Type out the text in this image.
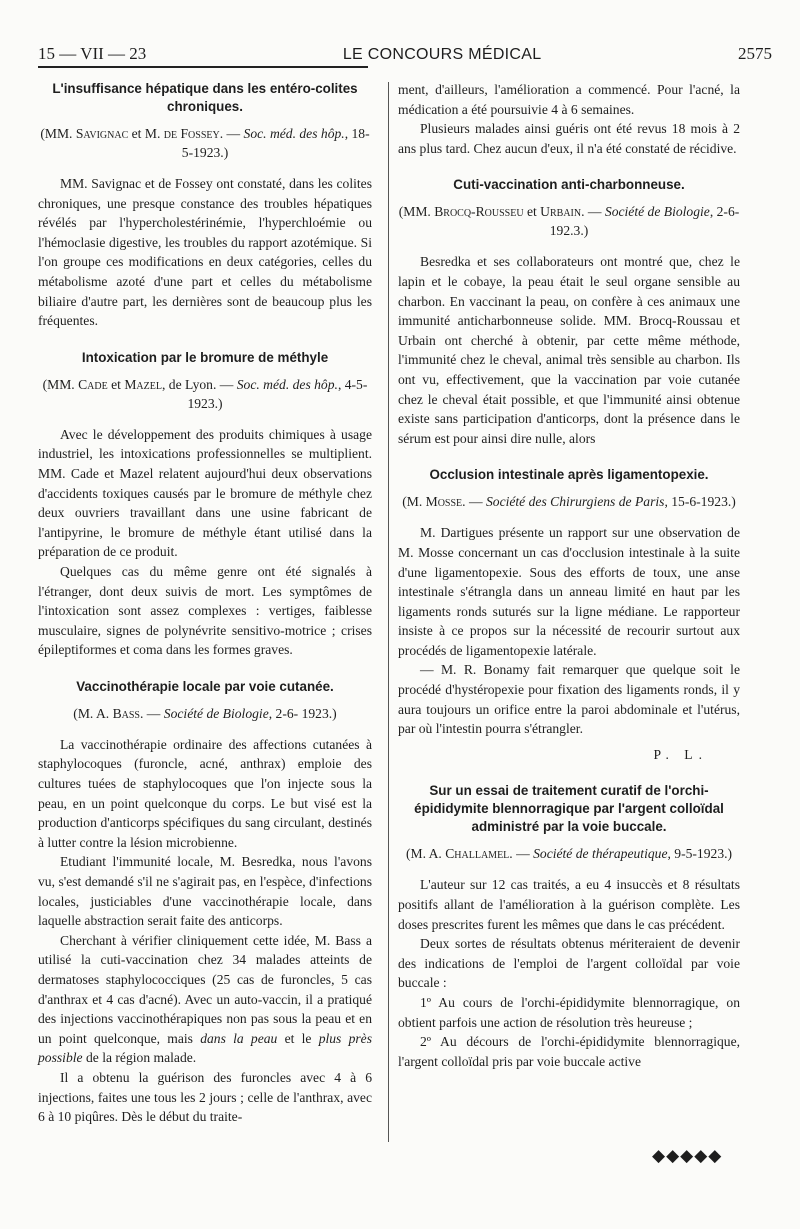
15 — VII — 23	LE CONCOURS MÉDICAL	2575
L'insuffisance hépatique dans les entéro-colites chroniques.
(MM. Savignac et M. de Fossey. — Soc. méd. des hôp., 18-5-1923.)

MM. Savignac et de Fossey ont constaté, dans les colites chroniques, une presque constance des troubles hépatiques révélés par l'hypercholestérinémie, l'hyperchloémie ou l'hémoclasie digestive, les troubles du rapport azotémique. Si l'on groupe ces modifications en deux catégories, celles du métabolisme azoté d'une part et celles du métabolisme biliaire d'autre part, les dernières sont de beaucoup plus les fréquentes.

Intoxication par le bromure de méthyle
(MM. Cade et Mazel, de Lyon. — Soc. méd. des hôp., 4-5-1923.)

Avec le développement des produits chimiques à usage industriel, les intoxications professionnelles se multiplient. MM. Cade et Mazel relatent aujourd'hui deux observations d'accidents toxiques causés par le bromure de méthyle chez deux ouvriers travaillant dans une usine fabricant de l'antipyrine, le bromure de méthyle étant utilisé dans la préparation de ce produit.

Quelques cas du même genre ont été signalés à l'étranger, dont deux suivis de mort. Les symptômes de l'intoxication sont assez complexes : vertiges, faiblesse musculaire, signes de polynévrite sensitivo-motrice ; crises épileptiformes et coma dans les formes graves.

Vaccinothérapie locale par voie cutanée.
(M. A. Bass. — Société de Biologie, 2-6- 1923.)

La vaccinothérapie ordinaire des affections cutanées à staphylocoques (furoncle, acné, anthrax) emploie des cultures tuées de staphylocoques que l'on injecte sous la peau, en un point quelconque du corps. Le but visé est la production d'anticorps spécifiques du sang circulant, destinés à lutter contre la lésion microbienne.

Etudiant l'immunité locale, M. Besredka, nous l'avons vu, s'est demandé s'il ne s'agirait pas, en l'espèce, d'infections locales, justiciables d'une vaccinothérapie locale, dans laquelle abstraction serait faite des anticorps.

Cherchant à vérifier cliniquement cette idée, M. Bass a utilisé la cuti-vaccination chez 34 malades atteints de dermatoses staphylococciques (25 cas de furoncles, 5 cas d'anthrax et 4 cas d'acné). Avec un auto-vaccin, il a pratiqué des injections vaccinothérapiques non pas sous la peau et en un point quelconque, mais dans la peau et le plus près possible de la région malade.

Il a obtenu la guérison des furoncles avec 4 à 6 injections, faites une tous les 2 jours ; celle de l'anthrax, avec 6 à 10 piqûres. Dès le début du traite-

ment, d'ailleurs, l'amélioration a commencé. Pour l'acné, la médication a été poursuivie 4 à 6 semaines.

Plusieurs malades ainsi guéris ont été revus 18 mois à 2 ans plus tard. Chez aucun d'eux, il n'a été constaté de récidive.

Cuti-vaccination anti-charbonneuse.
(MM. Brocq-Rousseu et Urbain. — Société de Biologie, 2-6-192.3.)

Besredka et ses collaborateurs ont montré que, chez le lapin et le cobaye, la peau était le seul organe sensible au charbon. En vaccinant la peau, on confère à ces animaux une immunité anticharbonneuse solide. MM. Brocq-Roussau et Urbain ont cherché à obtenir, par cette même méthode, l'immunité chez le cheval, animal très sensible au charbon. Ils ont vu, effectivement, que la vaccination par voie cutanée chez le cheval était possible, et que l'immunité ainsi obtenue existe sans participation d'anticorps, dont la présence dans le sérum est pour ainsi dire nulle, alors

Occlusion intestinale après ligamentopexie.
(M. Mosse. — Société des Chirurgiens de Paris, 15-6-1923.)

M. Dartigues présente un rapport sur une observation de M. Mosse concernant un cas d'occlusion intestinale à la suite d'une ligamentopexie. Sous des efforts de toux, une anse intestinale s'étrangla dans un anneau limité en haut par les ligaments ronds suturés sur la ligne médiane. Le rapporteur insiste à ce propos sur la nécessité de recourir surtout aux procédés de ligamentopexie latérale.

— M. R. Bonamy fait remarquer que quelque soit le procédé d'hystéropexie pour fixation des ligaments ronds, il y aura toujours un orifice entre la paroi abdominale et l'utérus, par où l'intestin pourra s'étrangler.

P. L.
Sur un essai de traitement curatif de l'orchi-épididymite blennorragique par l'argent colloïdal administré par la voie buccale.
(M. A. Challamel. — Société de thérapeutique, 9-5-1923.)

L'auteur sur 12 cas traités, a eu 4 insuccès et 8 résultats positifs allant de l'amélioration à la guérison complète. Les doses prescrites furent les mêmes que dans le cas précédent.

Deux sortes de résultats obtenus mériteraient de devenir des indications de l'emploi de l'argent colloïdal par voie buccale :

1º Au cours de l'orchi-épididymite blennorragique, on obtient parfois une action de résolution très heureuse ;

2º Au décours de l'orchi-épididymite blennorragique, l'argent colloïdal pris par voie buccale active

◆◆◆◆◆
